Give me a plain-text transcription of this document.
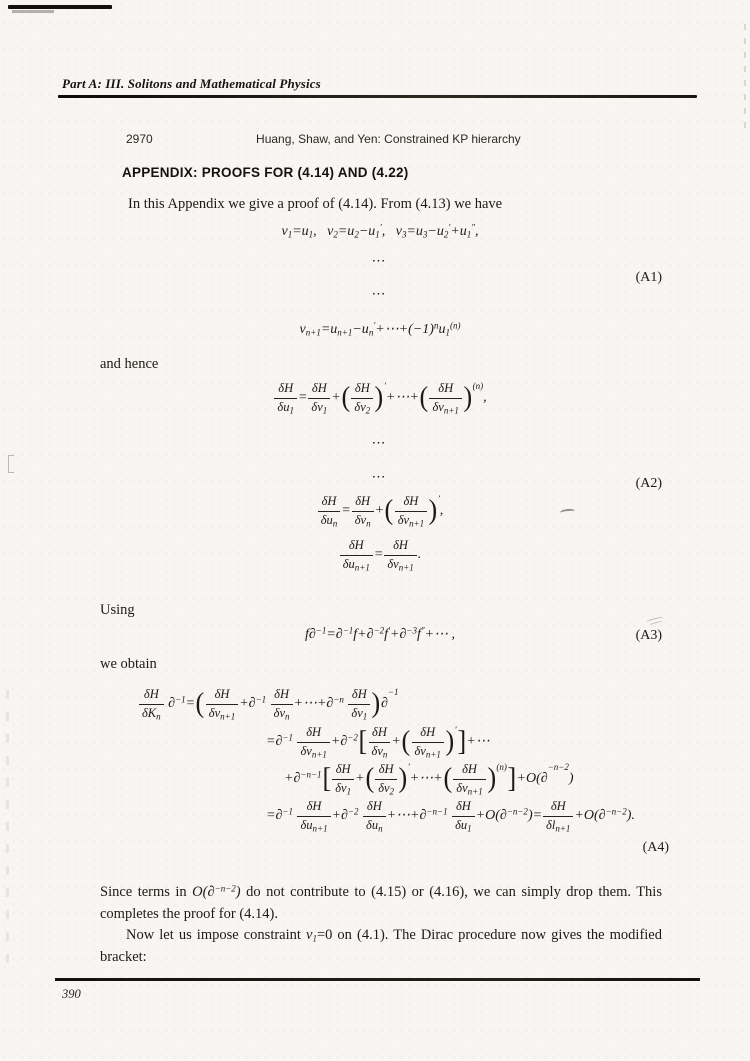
Part A: III. Solitons and Mathematical Physics
2970	Huang, Shaw, and Yen: Constrained KP hierarchy
APPENDIX: PROOFS FOR (4.14) AND (4.22)
In this Appendix we give a proof of (4.14). From (4.13) we have
$v_1=u_1$,   $v_2=u_2-u_1'$,   $v_3=u_3-u_2'+u_1''$,
⋯
⋯
$v_{n+1}=u_{n+1}-u_n'+\cdots+(-1)^nu_1^{(n)}$
(A1)
and hence
$\frac{\delta H}{\delta u_1} = \frac{\delta H}{\delta v_1}$ +( $\frac{\delta H}{\delta v_2}$ )′+⋯+( δH
$\delta v_{n+1}$ )$^{(n)}$,
⋯
⋯
δH
$\delta u_n$
=
δH
$\delta v_n$
+( δH
$\delta v_{n+1}$ )′,
δH
$\delta u_{n+1}$
=
δH
$\delta v_{n+1}$
.
(A2)
Using
f∂$^{-1}$=∂$^{-1}$f+∂$^{-2}$f′+∂$^{-3}$f″+⋯ ,	(A3)
we obtain
δH
$\delta K_n$
∂$^{-1}$=( δH
$\delta v_{n+1}$
+∂$^{-1}$ δH
$\delta v_n$
+⋯+∂$^{-n}$ $\frac{\delta H}{\delta v_1} )\partial^{-1}$
=∂$^{-1}$	δH
$\delta v_{n+1}$
+∂$^{-2}$[ δH
$\delta v_n$
+( δH
$\delta v_{n+1}$ )′]+⋯
$+\partial^{-n-1}[ \frac{\delta H}{\delta v_1}$ +( $\frac{\delta H}{\delta v_2}$ )′+⋯+( δH
$\delta v_{n+1}$ )$^{(n)}$]+O(∂$^{-n-2}$)
=∂$^{-1}$	δH
$\delta u_{n+1}$
+∂$^{-2}$ δH
$\delta u_n$
+⋯+∂$^{-n-1}$ $\frac{\delta H}{\delta u_1} +O(\partial^{-n-2})= \frac{\delta H}{\delta l_{n+1}} +O(\partial^{-n-2})$.
(A4)

Since terms in O(∂$^{-n-2}$) do not contribute to (4.15) or (4.16), we can simply drop them. This completes the proof for (4.14).

Now let us impose constraint $v_1=0$ on (4.1). The Dirac procedure now gives the modified bracket:

390
